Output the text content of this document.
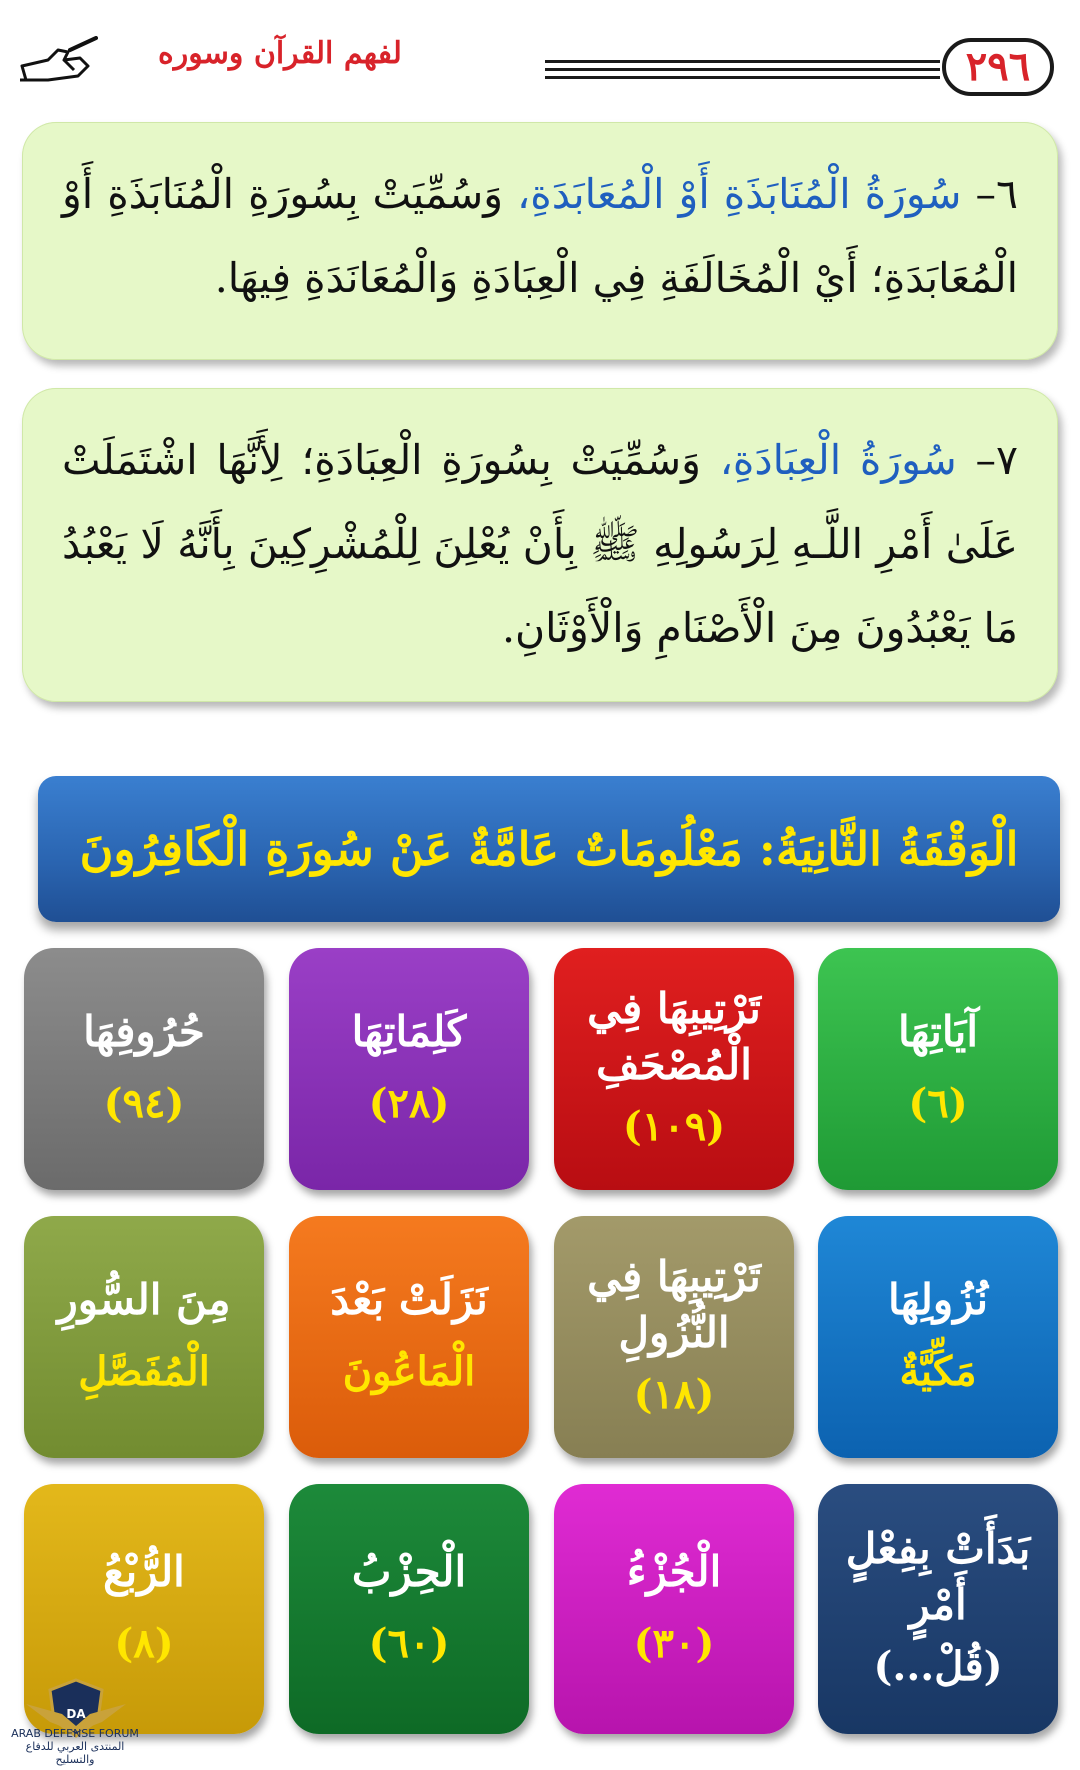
٢٩٦
لفهم القرآن وسوره
٦– سُورَةُ الْمُنَابَذَةِ أَوْ الْمُعَابَدَةِ، وَسُمِّيَتْ بِسُورَةِ الْمُنَابَذَةِ أَوْ الْمُعَابَدَةِ؛ أَيْ الْمُخَالَفَةِ فِي الْعِبَادَةِ وَالْمُعَانَدَةِ فِيهَا.
٧– سُورَةُ الْعِبَادَةِ، وَسُمِّيَتْ بِسُورَةِ الْعِبَادَةِ؛ لِأَنَّهَا اشْتَمَلَتْ عَلَىٰ أَمْرِ اللَّـهِ لِرَسُولِهِ ﷺ بِأَنْ يُعْلِنَ لِلْمُشْرِكِينَ بِأَنَّهُ لَا يَعْبُدُ مَا يَعْبُدُونَ مِنَ الْأَصْنَامِ وَالْأَوْثَانِ.
الْوَقْفَةُ الثَّانِيَةُ: مَعْلُومَاتٌ عَامَّةٌ عَنْ سُورَةِ الْكَافِرُونَ
آيَاتِهَا
(٦)
تَرْتِيبِهَا فِي الْمُصْحَفِ
(١٠٩)
كَلِمَاتِهَا
(٢٨)
حُرُوفِهَا
(٩٤)
نُزُولِهَا
مَكِّيَّةٌ
تَرْتِيبِهَا فِي النُّزُولِ
(١٨)
نَزَلَتْ بَعْدَ
الْمَاعُونَ
مِنَ السُّورِ
الْمُفَصَّلِ
بَدَأَتْ بِفِعْلٍ أَمْرٍ
(قُلْ...)
الْجُزْءُ
(٣٠)
الْحِزْبُ
(٦٠)
الرُّبْعُ
(٨)
DA
ARAB DEFENSE FORUM
المنتدى العربي للدفاع والتسليح
